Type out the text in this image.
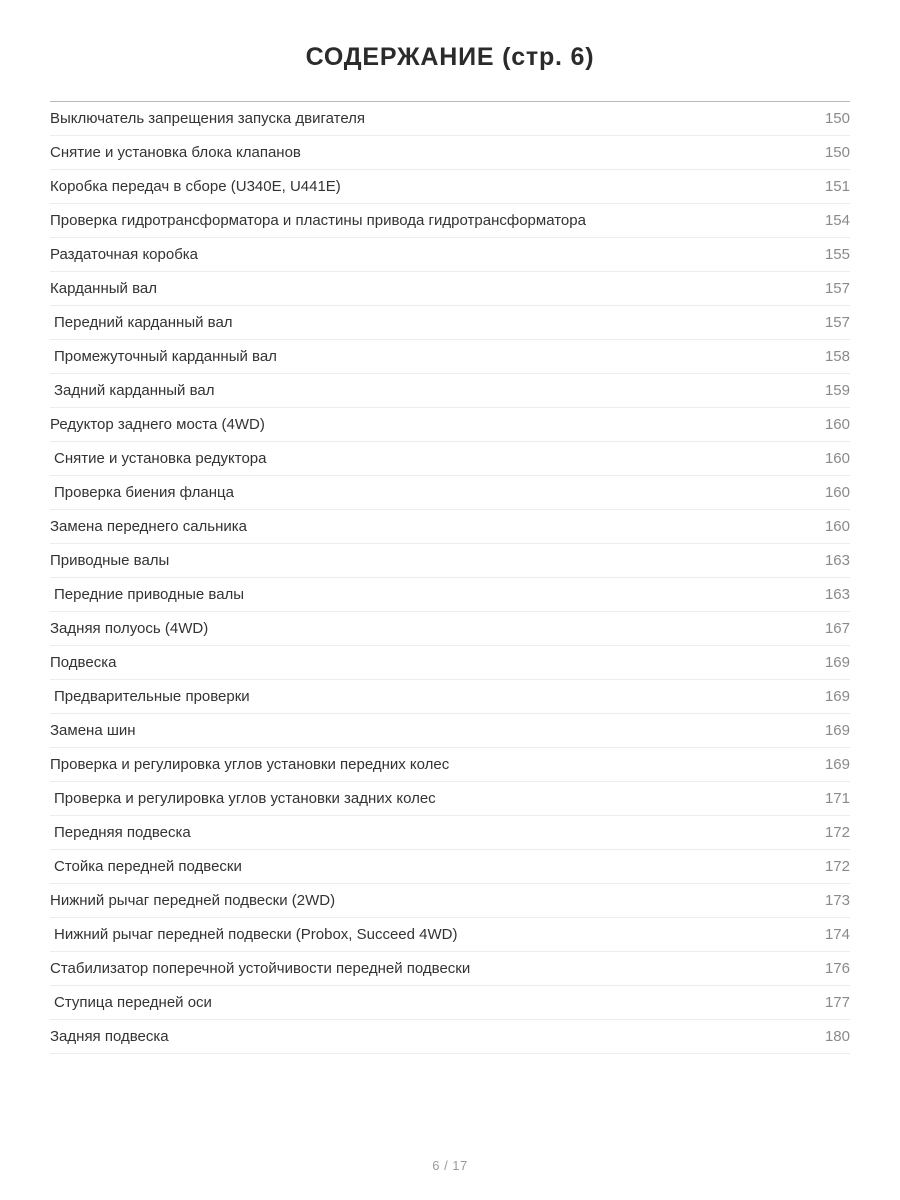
СОДЕРЖАНИЕ (стр. 6)
Выключатель запрещения запуска двигателя	150
Снятие и установка блока клапанов	150
Коробка передач в сборе (U340E, U441E)	151
Проверка гидротрансформатора и пластины привода гидротрансформатора	154
Раздаточная коробка	155
Карданный вал	157
Передний карданный вал	157
Промежуточный карданный вал	158
Задний карданный вал	159
Редуктор заднего моста (4WD)	160
Снятие и установка редуктора	160
Проверка биения фланца	160
Замена переднего сальника	160
Приводные валы	163
Передние приводные валы	163
Задняя полуось (4WD)	167
Подвеска	169
Предварительные проверки	169
Замена шин	169
Проверка и регулировка углов установки передних колес	169
Проверка и регулировка углов установки задних колес	171
Передняя подвеска	172
Стойка передней подвески	172
Нижний рычаг передней подвески (2WD)	173
Нижний рычаг передней подвески (Probox, Succeed 4WD)	174
Стабилизатор поперечной устойчивости передней подвески	176
Ступица передней оси	177
Задняя подвеска	180
6 / 17
